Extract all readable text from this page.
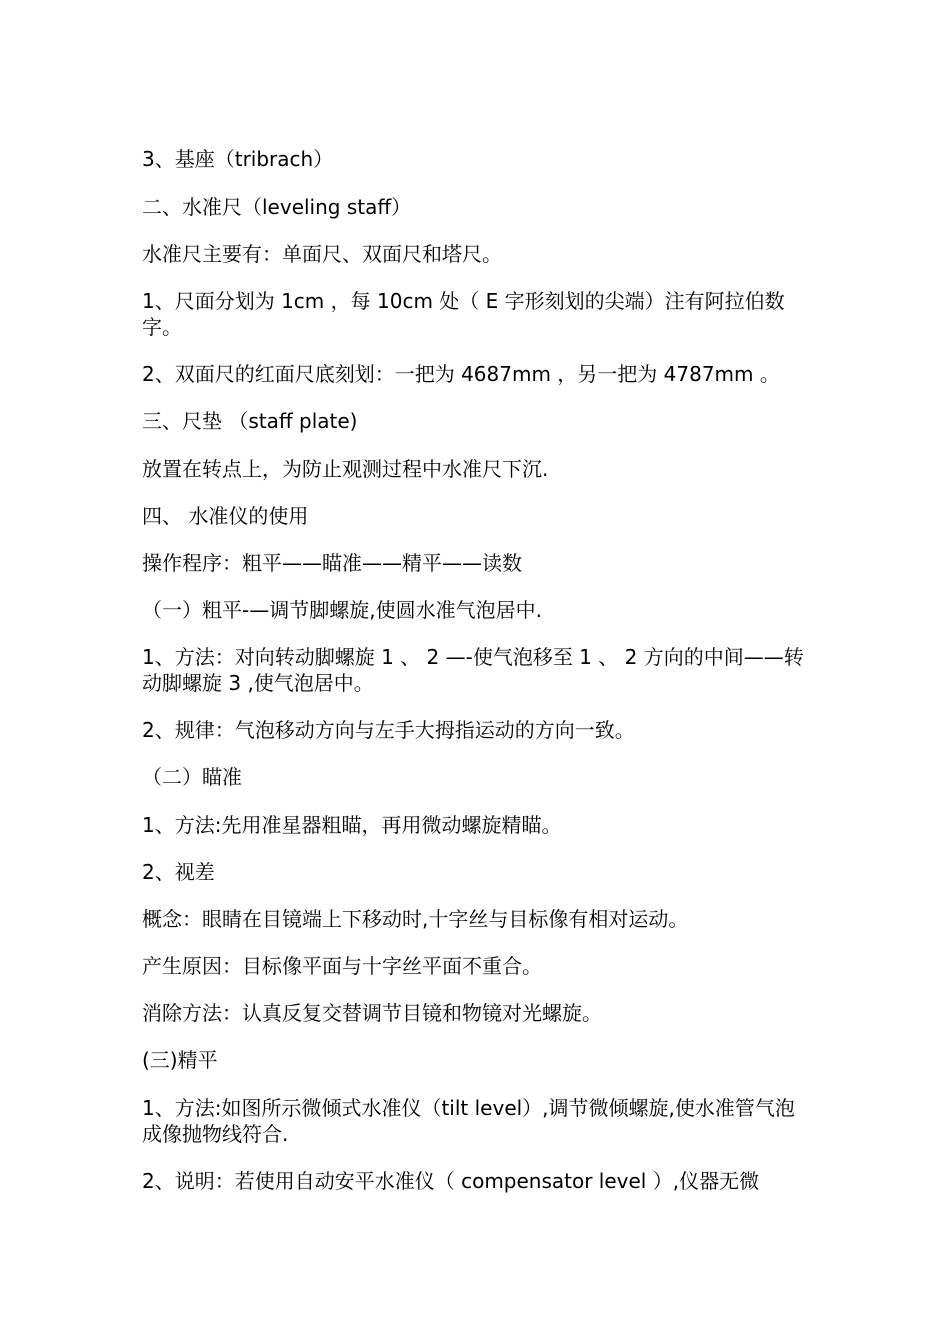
3、基座（tribrach）

二、水准尺（leveling staff）

水准尺主要有：单面尺、双面尺和塔尺。

1、尺面分划为 1cm ，每 10cm 处（ E 字形刻划的尖端）注有阿拉伯数字。

2、双面尺的红面尺底刻划：一把为 4687mm ，另一把为 4787mm 。

三、尺垫 （staff plate)

放置在转点上，为防止观测过程中水准尺下沉.

四、 水准仪的使用

操作程序：粗平——瞄准——精平——读数

（一）粗平-—调节脚螺旋,使圆水准气泡居中.

1、方法：对向转动脚螺旋 1 、 2 —-使气泡移至 1 、 2 方向的中间——转动脚螺旋 3 ,使气泡居中。

2、规律：气泡移动方向与左手大拇指运动的方向一致。

（二）瞄准

1、方法:先用准星器粗瞄，再用微动螺旋精瞄。

2、视差

概念：眼睛在目镜端上下移动时,十字丝与目标像有相对运动。

产生原因：目标像平面与十字丝平面不重合。

消除方法：认真反复交替调节目镜和物镜对光螺旋。

(三)精平

1、方法:如图所示微倾式水准仪（tilt level）,调节微倾螺旋,使水准管气泡成像抛物线符合.

2、说明：若使用自动安平水准仪（ compensator level ）,仪器无微
